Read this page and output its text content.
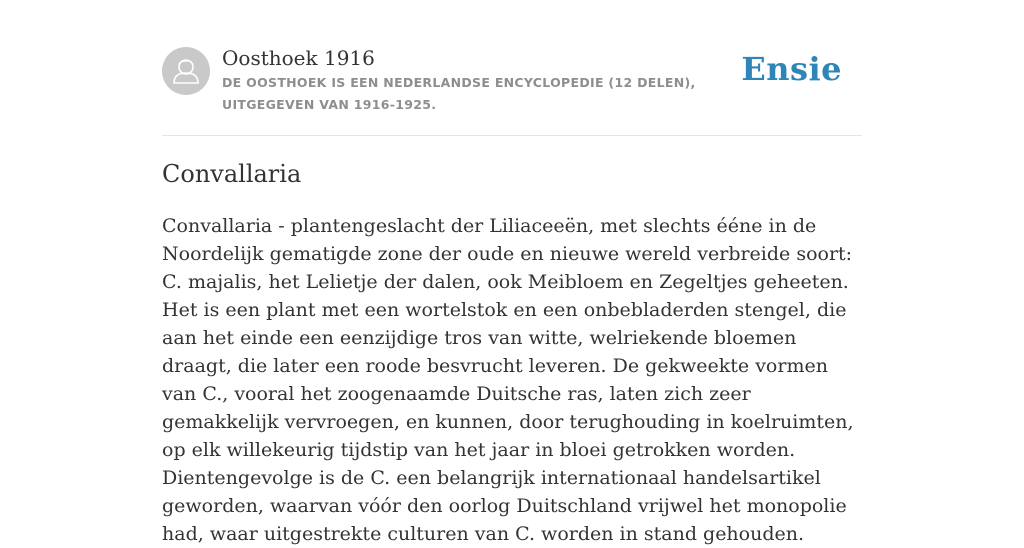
Oosthoek 1916
DE OOSTHOEK IS EEN NEDERLANDSE ENCYCLOPEDIE (12 DELEN), UITGEGEVEN VAN 1916-1925.
Ensie
Convallaria

Convallaria - plantengeslacht der Liliaceeën, met slechts ééne in de Noordelijk gematigde zone der oude en nieuwe wereld verbreide soort: C. majalis, het Lelietje der dalen, ook Meibloem en Zegeltjes geheeten. Het is een plant met een wortelstok en een onbebladerden stengel, die aan het einde een eenzijdige tros van witte, welriekende bloemen draagt, die later een roode besvrucht leveren. De gekweekte vormen van C., vooral het zoogenaamde Duitsche ras, laten zich zeer gemakkelijk vervroegen, en kunnen, door terughouding in koelruimten, op elk willekeurig tijdstip van het jaar in bloei getrokken worden. Dientengevolge is de C. een belangrijk internationaal handelsartikel geworden, waarvan vóór den oorlog Duitschland vrijwel het monopolie had, waar uitgestrekte culturen van C. worden in stand gehouden.
